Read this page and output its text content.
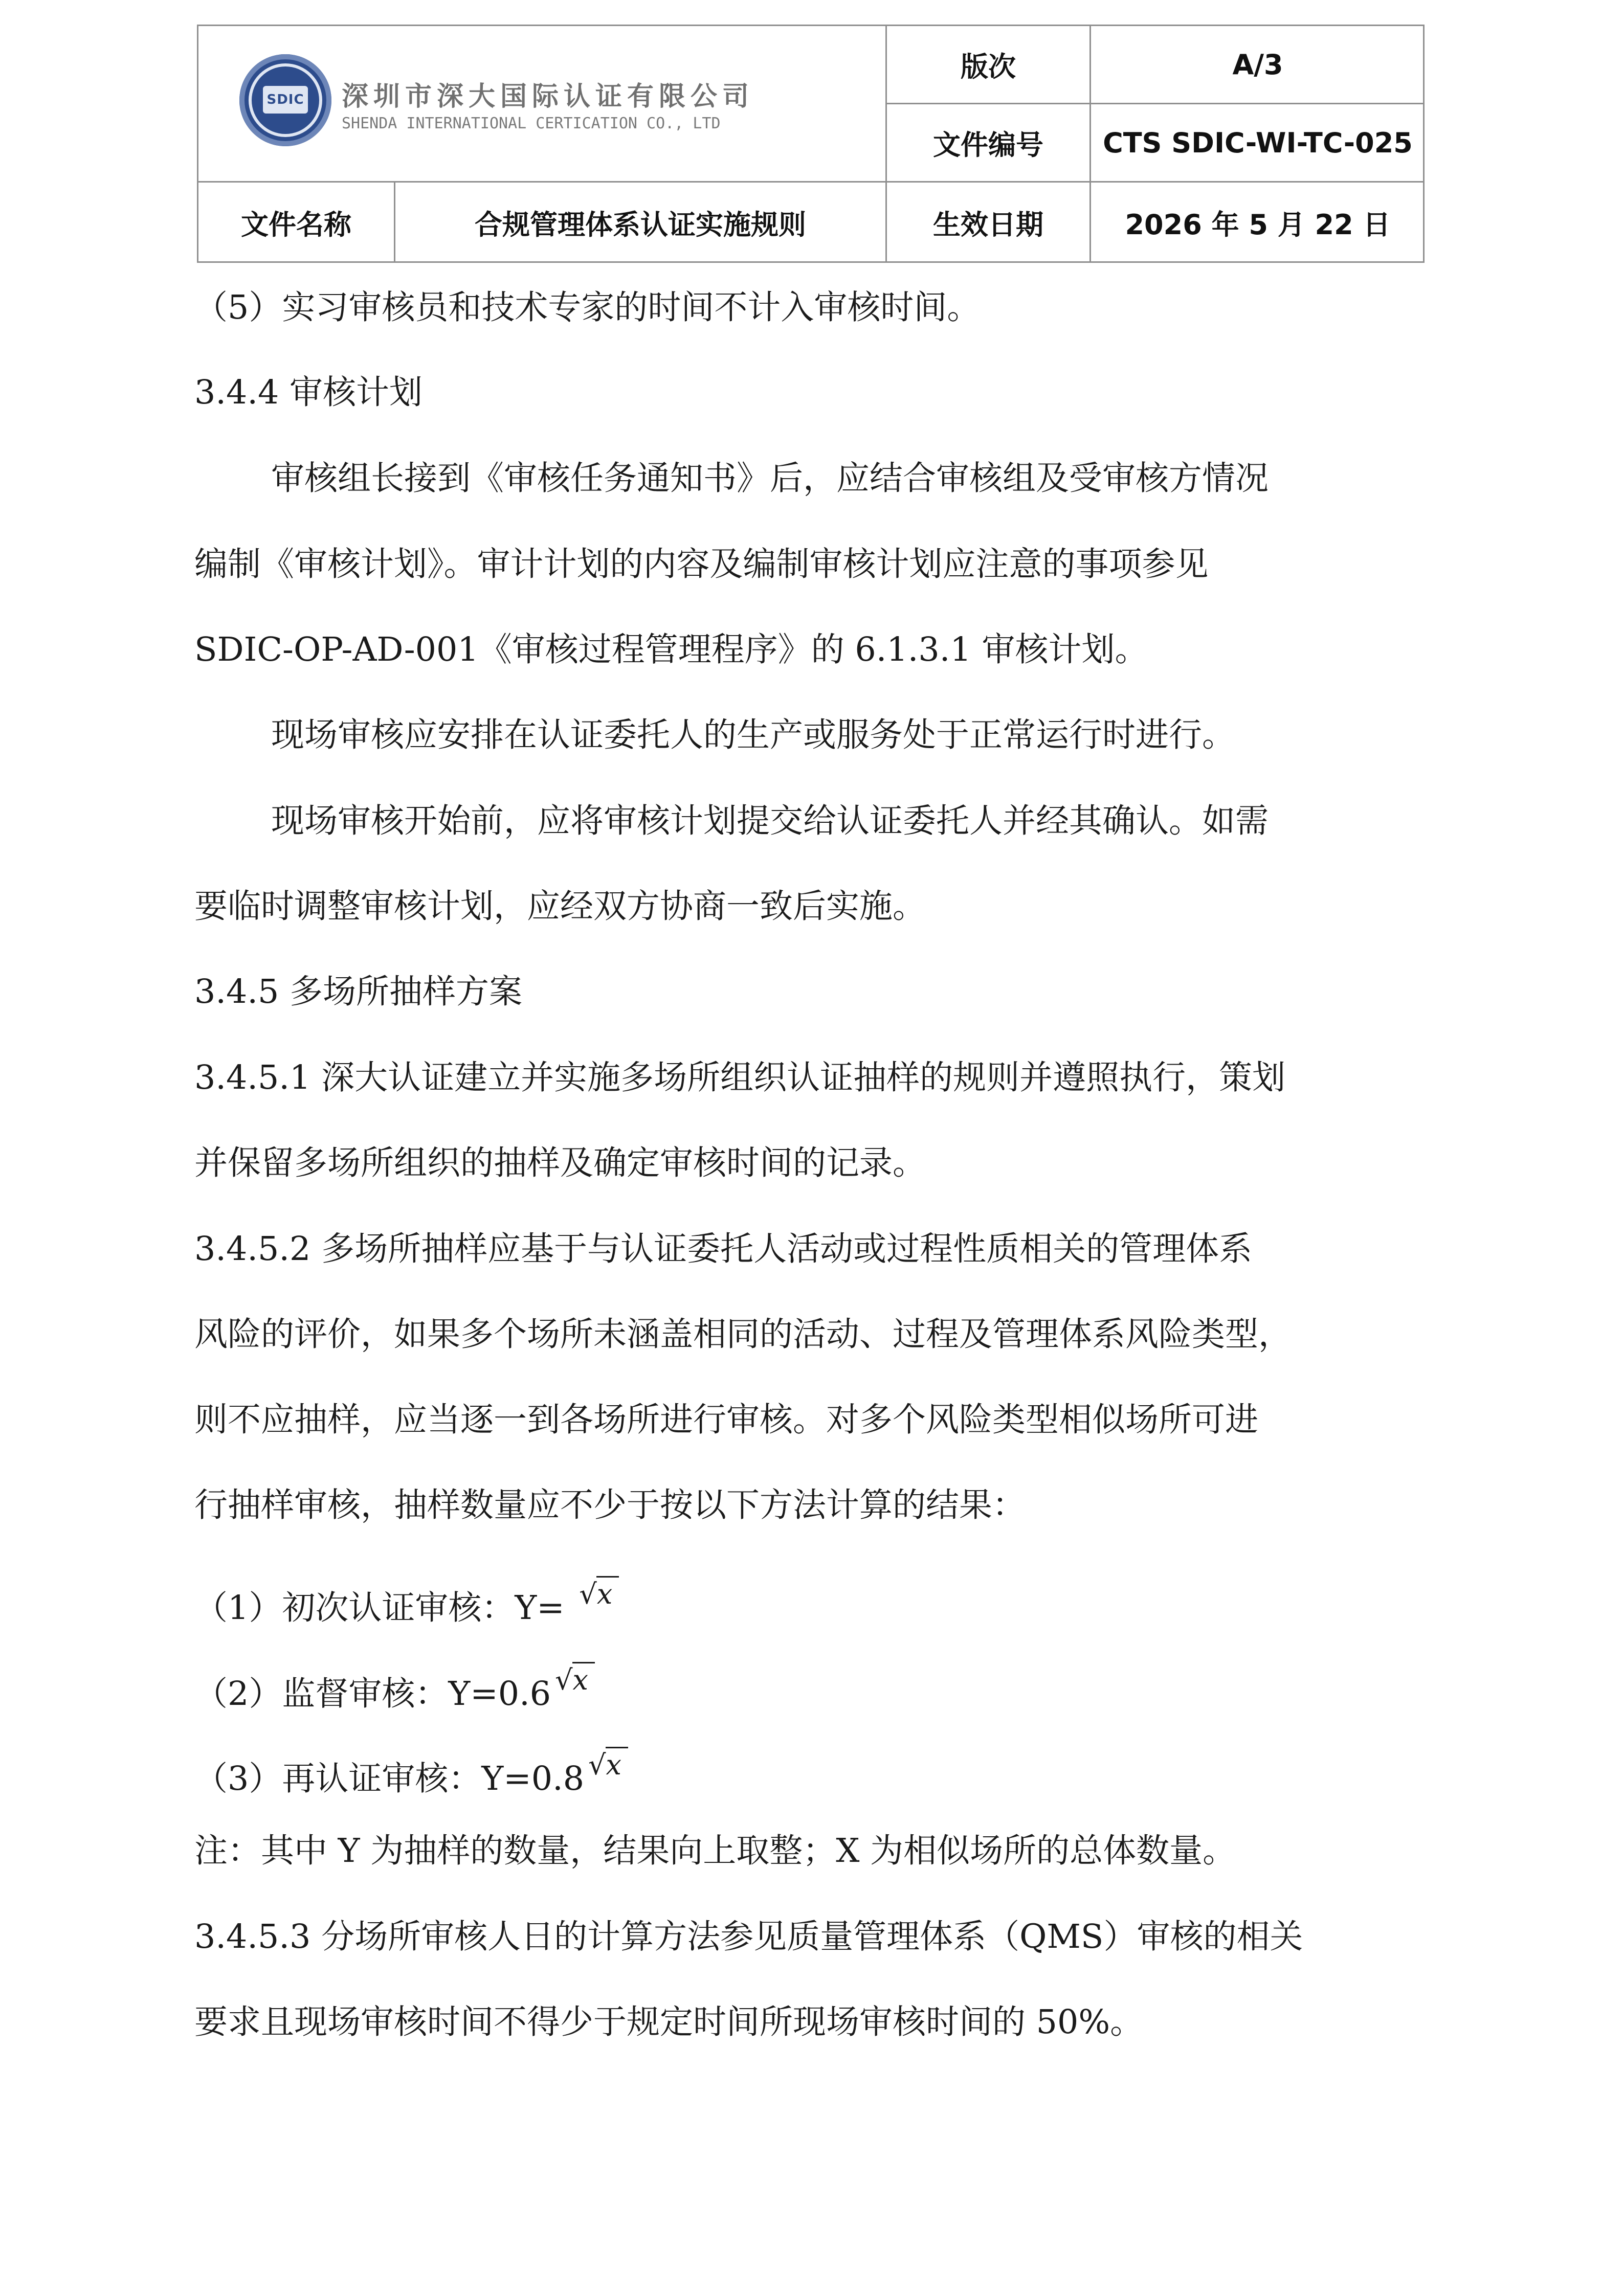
SDIC 深圳市深大国际认证有限公司
SHENDA INTERNATIONAL CERTICATION CO., LTD
版次	A/3
文件编号	CTS SDIC-WI-TC-025
文件名称	合规管理体系认证实施规则	生效日期	2026 年 5 月 22 日
（5）实习审核员和技术专家的时间不计入审核时间。
3.4.4 审核计划
审核组长接到《审核任务通知书》后，应结合审核组及受审核方情况
编制《审核计划》。审计计划的内容及编制审核计划应注意的事项参见
SDIC-OP-AD-001《审核过程管理程序》的 6.1.3.1 审核计划。
现场审核应安排在认证委托人的生产或服务处于正常运行时进行。
现场审核开始前，应将审核计划提交给认证委托人并经其确认。如需
要临时调整审核计划，应经双方协商一致后实施。
3.4.5 多场所抽样方案
3.4.5.1 深大认证建立并实施多场所组织认证抽样的规则并遵照执行，策划
并保留多场所组织的抽样及确定审核时间的记录。
3.4.5.2 多场所抽样应基于与认证委托人活动或过程性质相关的管理体系
风险的评价，如果多个场所未涵盖相同的活动、过程及管理体系风险类型，
则不应抽样，应当逐一到各场所进行审核。对多个风险类型相似场所可进
行抽样审核，抽样数量应不少于按以下方法计算的结果：
（1）初次认证审核：Y= √
x
（2）监督审核：Y=0.6 √
x
（3）再认证审核：Y=0.8 √
x
注：其中 Y 为抽样的数量，结果向上取整；X 为相似场所的总体数量。
3.4.5.3 分场所审核人日的计算方法参见质量管理体系（QMS）审核的相关
要求且现场审核时间不得少于规定时间所现场审核时间的 50%。
